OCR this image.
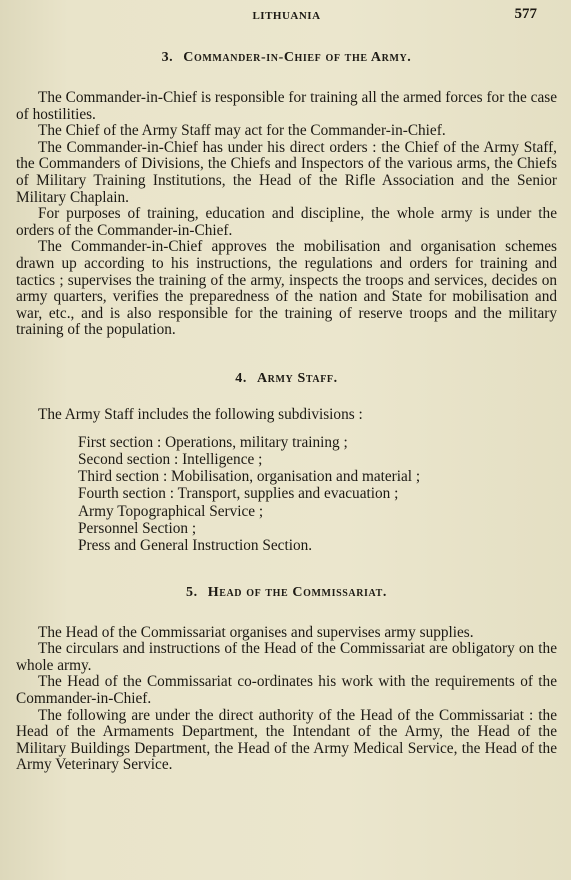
LITHUANIA	577
3. Commander-in-Chief of the Army.

The Commander-in-Chief is responsible for training all the armed forces for the case of hostilities.

The Chief of the Army Staff may act for the Commander-in-Chief.

The Commander-in-Chief has under his direct orders : the Chief of the Army Staff, the Commanders of Divisions, the Chiefs and Inspectors of the various arms, the Chiefs of Military Training Institutions, the Head of the Rifle Association and the Senior Military Chaplain.

For purposes of training, education and discipline, the whole army is under the orders of the Commander-in-Chief.

The Commander-in-Chief approves the mobilisation and organisation schemes drawn up according to his instructions, the regulations and orders for training and tactics ; supervises the training of the army, inspects the troops and services, decides on army quarters, verifies the preparedness of the nation and State for mobilisation and war, etc., and is also responsible for the training of reserve troops and the military training of the population.

4. Army Staff.

The Army Staff includes the following subdivisions :

First section : Operations, military training ;
Second section : Intelligence ;
Third section : Mobilisation, organisation and material ;
Fourth section : Transport, supplies and evacuation ;
Army Topographical Service ;
Personnel Section ;
Press and General Instruction Section.
5. Head of the Commissariat.

The Head of the Commissariat organises and supervises army supplies.

The circulars and instructions of the Head of the Commissariat are obligatory on the whole army.

The Head of the Commissariat co-ordinates his work with the requirements of the Commander-in-Chief.

The following are under the direct authority of the Head of the Commissariat : the Head of the Armaments Department, the Intendant of the Army, the Head of the Military Buildings Department, the Head of the Army Medical Service, the Head of the Army Veterinary Service.
